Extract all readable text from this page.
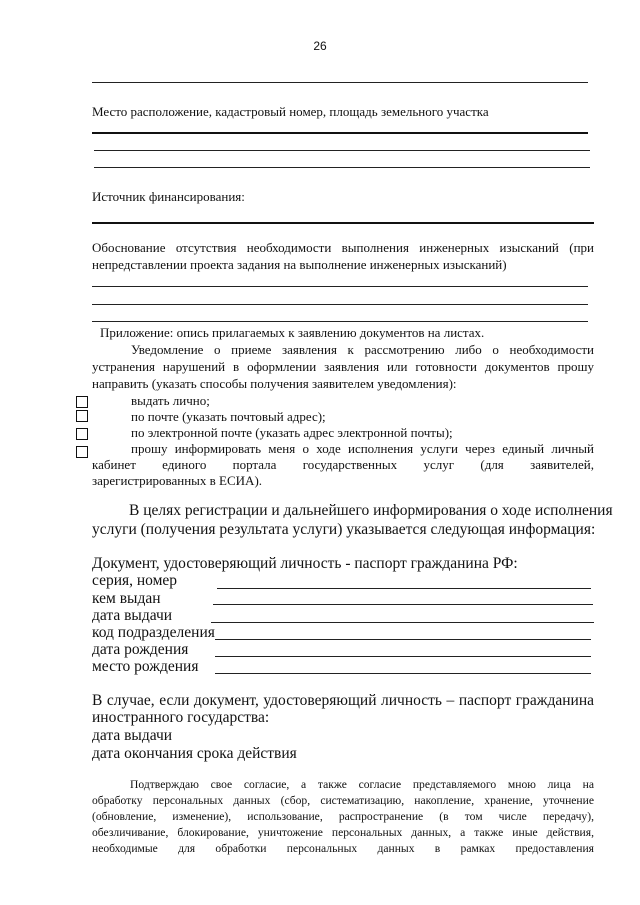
26
Место расположение, кадастровый номер, площадь земельного участка
Источник финансирования:
Обоснование отсутствия необходимости выполнения инженерных изысканий (при
непредставлении проекта задания на выполнение инженерных изысканий)
Приложение: опись прилагаемых к заявлению документов на листах.
Уведомление о приеме заявления к рассмотрению либо о необходимости
устранения нарушений в оформлении заявления или готовности документов прошу
направить (указать способы получения заявителем уведомления):
выдать лично;
по почте (указать почтовый адрес);
по электронной почте (указать адрес электронной почты);
прошу информировать меня о ходе исполнения услуги через единый личный
кабинет единого портала государственных услуг (для заявителей,
зарегистрированных в ЕСИА).
В целях регистрации и дальнейшего информирования о ходе исполнения
услуги (получения результата услуги) указывается следующая информация:
Документ, удостоверяющий личность - паспорт гражданина РФ:
серия, номер
кем выдан
дата выдачи
код подразделения
дата рождения
место рождения
В случае, если документ, удостоверяющий личность – паспорт гражданина
иностранного государства:
дата выдачи
дата окончания срока действия
Подтверждаю свое согласие, а также согласие представляемого мною лица на
обработку персональных данных (сбор, систематизацию, накопление, хранение, уточнение
(обновление, изменение), использование, распространение (в том числе передачу),
обезличивание, блокирование, уничтожение персональных данных, а также иные действия,
необходимые для обработки персональных данных в рамках предоставления
